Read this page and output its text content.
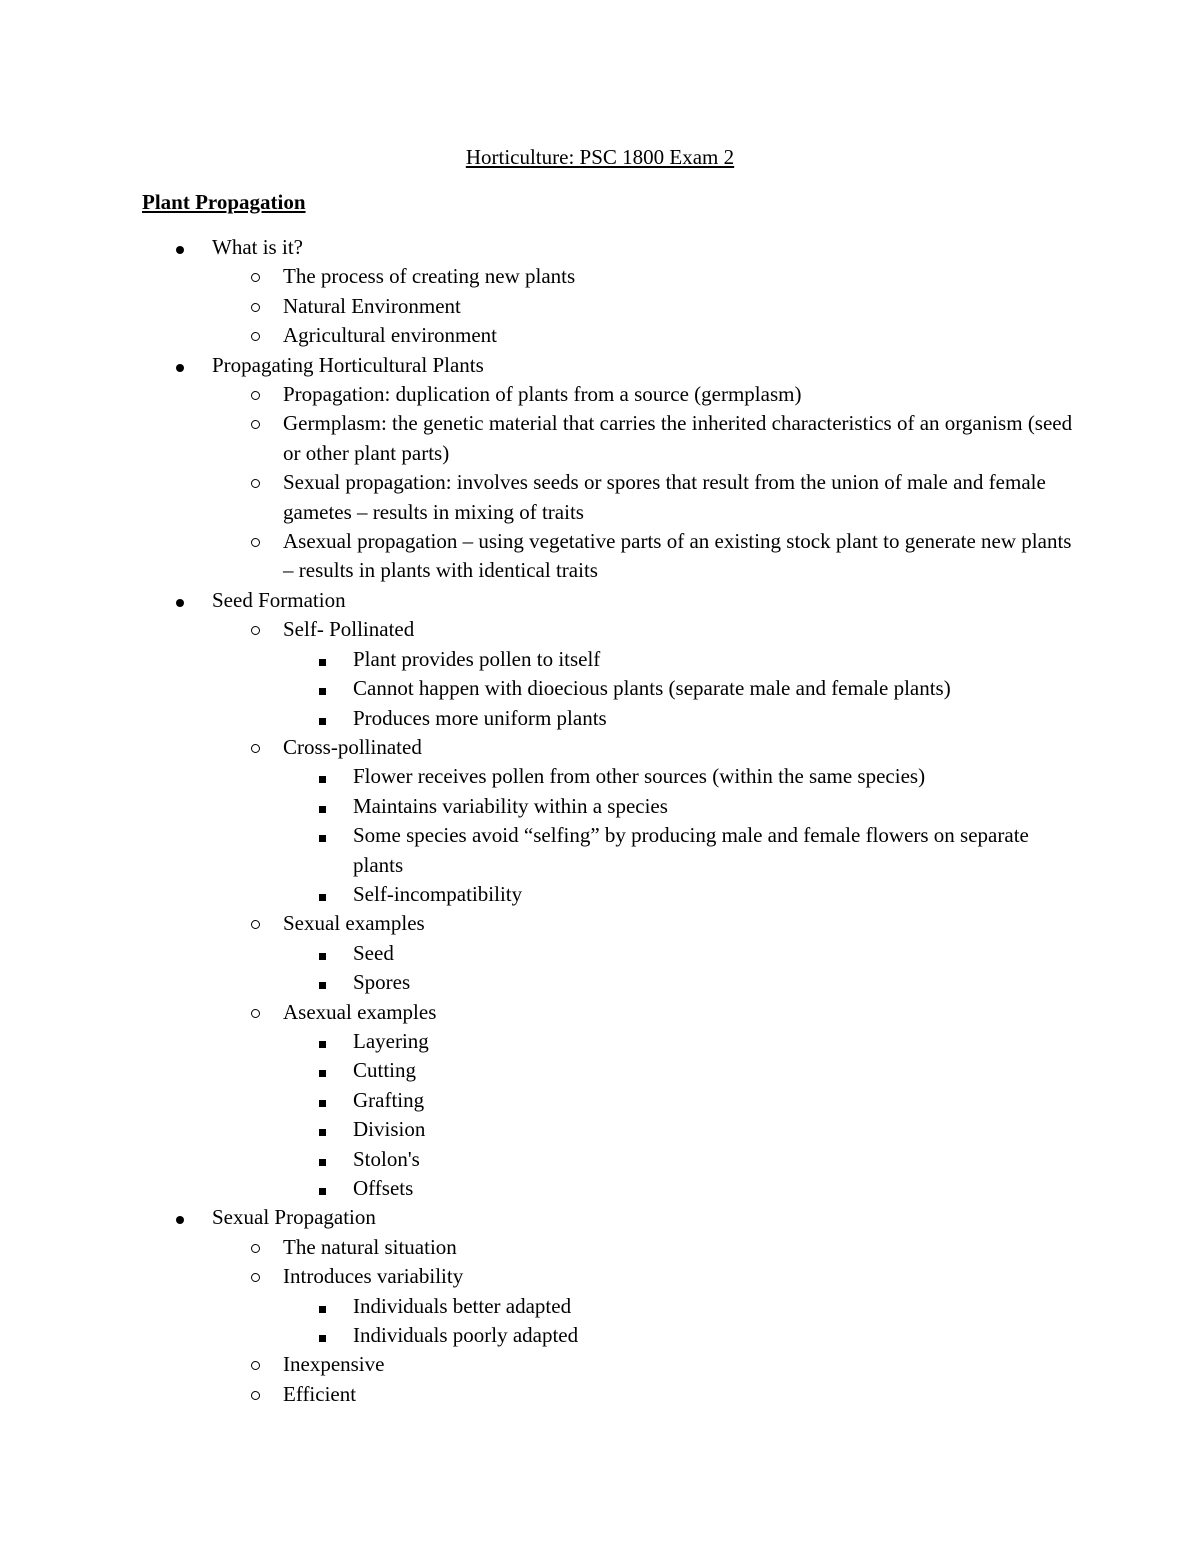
Horticulture: PSC 1800 Exam 2
Plant Propagation
What is it?
The process of creating new plants
Natural Environment
Agricultural environment
Propagating Horticultural Plants
Propagation: duplication of plants from a source (germplasm)
Germplasm: the genetic material that carries the inherited characteristics of an organism (seed or other plant parts)
Sexual propagation: involves seeds or spores that result from the union of male and female gametes – results in mixing of traits
Asexual propagation – using vegetative parts of an existing stock plant to generate new plants – results in plants with identical traits
Seed Formation
Self- Pollinated
Plant provides pollen to itself
Cannot happen with dioecious plants (separate male and female plants)
Produces more uniform plants
Cross-pollinated
Flower receives pollen from other sources (within the same species)
Maintains variability within a species
Some species avoid “selfing” by producing male and female flowers on separate plants
Self-incompatibility
Sexual examples
Seed
Spores
Asexual examples
Layering
Cutting
Grafting
Division
Stolon's
Offsets
Sexual Propagation
The natural situation
Introduces variability
Individuals better adapted
Individuals poorly adapted
Inexpensive
Efficient
